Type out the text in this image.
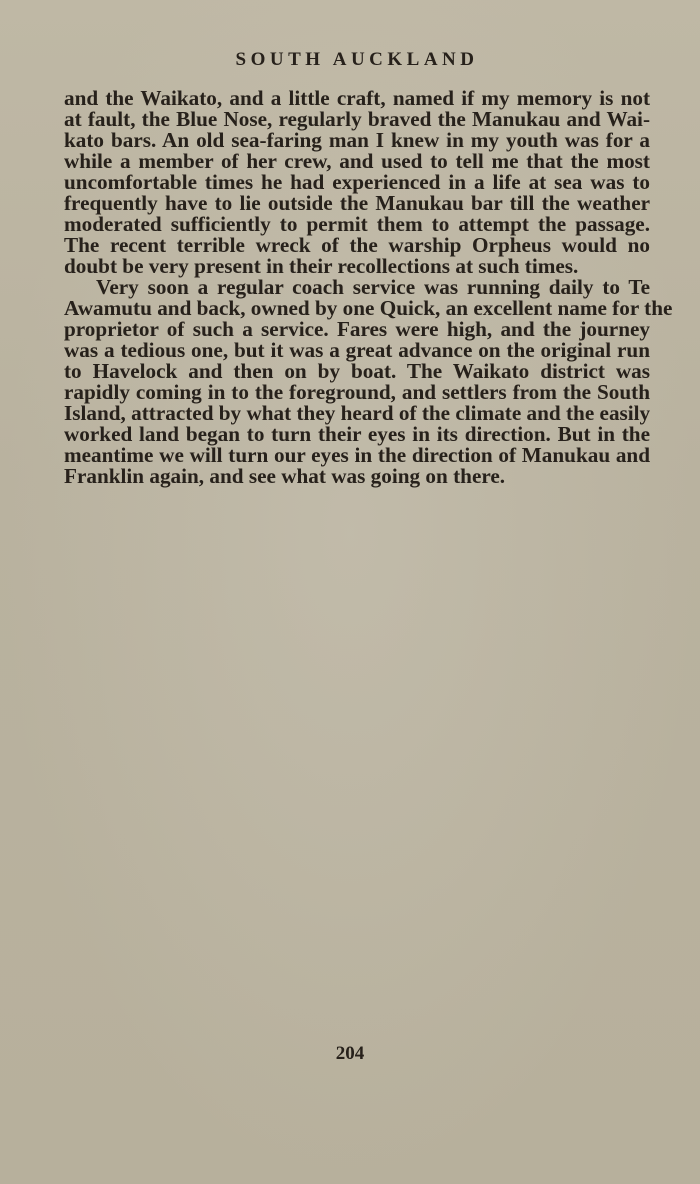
SOUTH AUCKLAND

and the Waikato, and a little craft, named if my memory is not
at fault, the Blue Nose, regularly braved the Manukau and Wai-
kato bars. An old sea-faring man I knew in my youth was for a
while a member of her crew, and used to tell me that the most
uncomfortable times he had experienced in a life at sea was to
frequently have to lie outside the Manukau bar till the weather
moderated sufficiently to permit them to attempt the passage.
The recent terrible wreck of the warship Orpheus would no
doubt be very present in their recollections at such times.

Very soon a regular coach service was running daily to Te
Awamutu and back, owned by one Quick, an excellent name for the
proprietor of such a service. Fares were high, and the journey
was a tedious one, but it was a great advance on the original run
to Havelock and then on by boat. The Waikato district was
rapidly coming in to the foreground, and settlers from the South
Island, attracted by what they heard of the climate and the easily
worked land began to turn their eyes in its direction. But in the
meantime we will turn our eyes in the direction of Manukau and
Franklin again, and see what was going on there.

204
